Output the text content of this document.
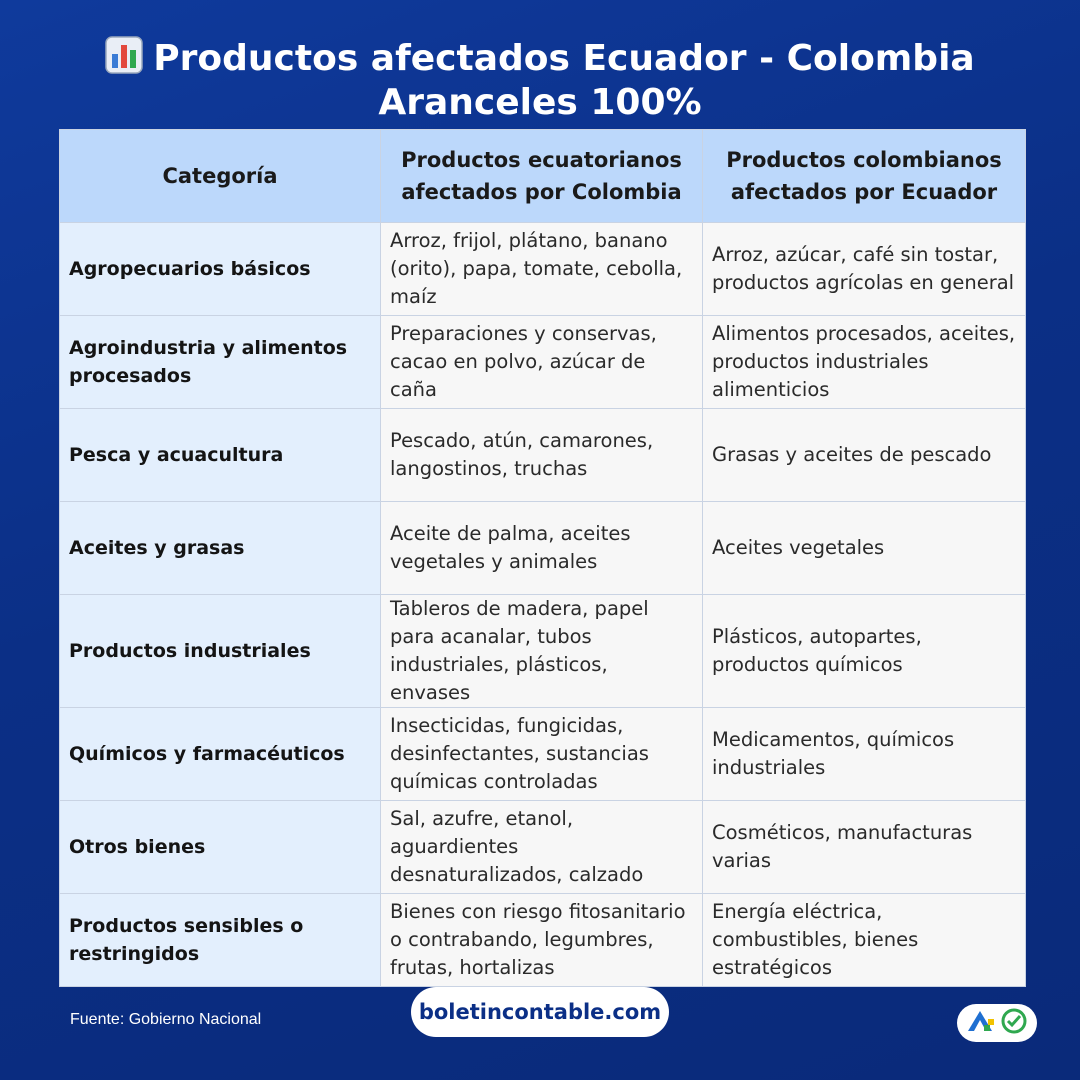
Productos afectados Ecuador - Colombia
Aranceles 100%
Categoría	Productos ecuatorianos afectados por Colombia	Productos colombianos afectados por Ecuador
Agropecuarios básicos	Arroz, frijol, plátano, banano (orito), papa, tomate, cebolla, maíz	Arroz, azúcar, café sin tostar, productos agrícolas en general
Agroindustria y alimentos procesados	Preparaciones y conservas, cacao en polvo, azúcar de caña	Alimentos procesados, aceites, productos industriales alimenticios
Pesca y acuacultura	Pescado, atún, camarones, langostinos, truchas	Grasas y aceites de pescado
Aceites y grasas	Aceite de palma, aceites vegetales y animales	Aceites vegetales
Productos industriales	Tableros de madera, papel para acanalar, tubos industriales, plásticos, envases	Plásticos, autopartes, productos químicos
Químicos y farmacéuticos	Insecticidas, fungicidas, desinfectantes, sustancias químicas controladas	Medicamentos, químicos industriales
Otros bienes	Sal, azufre, etanol, aguardientes desnaturalizados, calzado	Cosméticos, manufacturas varias
Productos sensibles o restringidos	Bienes con riesgo fitosanitario o contrabando, legumbres, frutas, hortalizas	Energía eléctrica, combustibles, bienes estratégicos
Fuente: Gobierno Nacional	boletincontable.com
